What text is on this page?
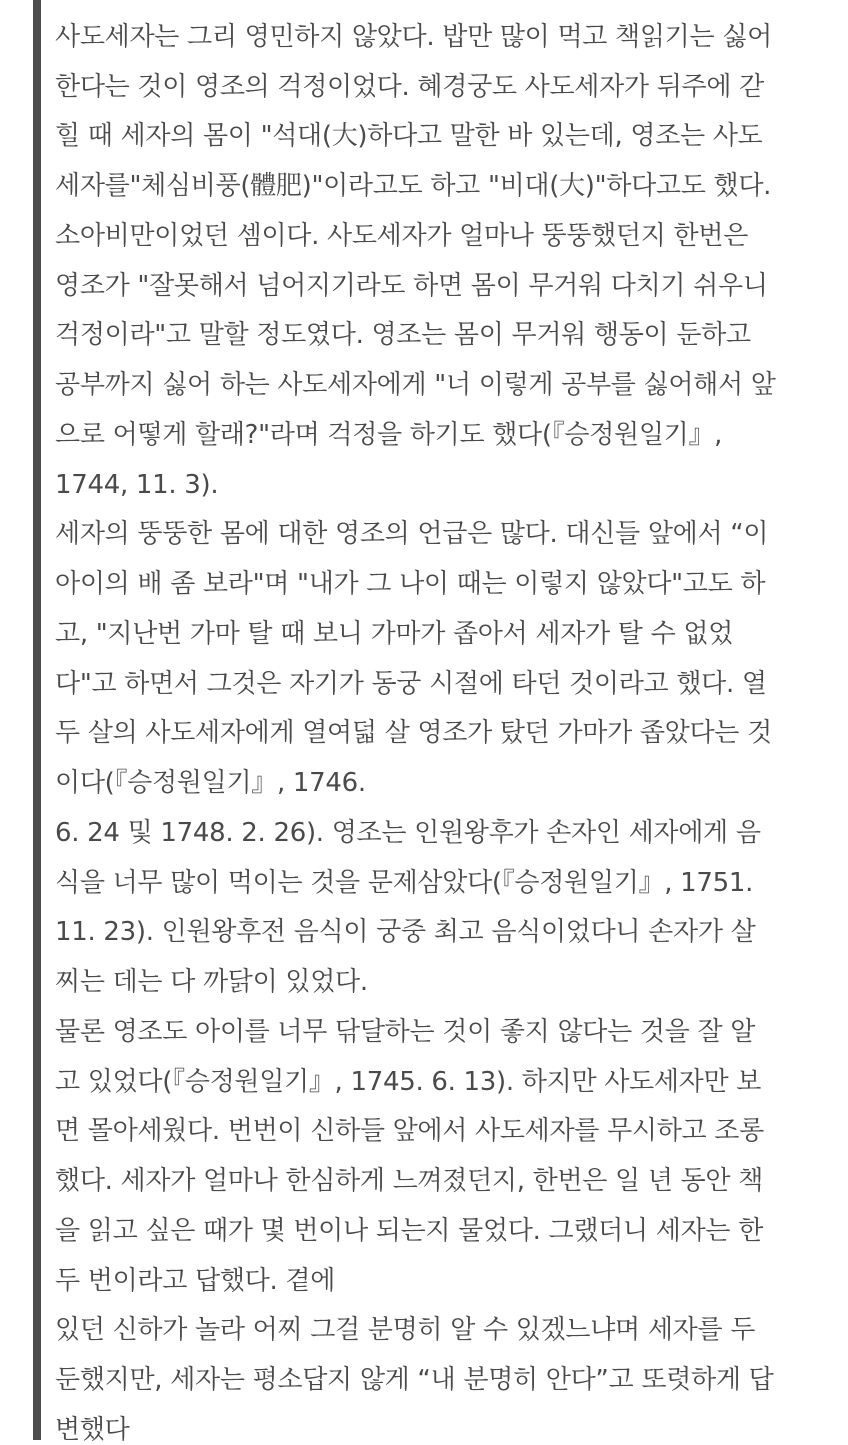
사도세자는 그리 영민하지 않았다. 밥만 많이 먹고 책읽기는 싫어
한다는 것이 영조의 걱정이었다. 혜경궁도 사도세자가 뒤주에 갇
힐 때 세자의 몸이 "석대(大)하다고 말한 바 있는데, 영조는 사도
세자를"체심비풍(體肥)"이라고도 하고 "비대(大)"하다고도 했다.
소아비만이었던 셈이다. 사도세자가 얼마나 뚱뚱했던지 한번은
영조가 "잘못해서 넘어지기라도 하면 몸이 무거워 다치기 쉬우니
걱정이라"고 말할 정도였다. 영조는 몸이 무거워 행동이 둔하고
공부까지 싫어 하는 사도세자에게 "너 이렇게 공부를 싫어해서 앞
으로 어떻게 할래?"라며 걱정을 하기도 했다(『승정원일기』,
1744, 11. 3).
세자의 뚱뚱한 몸에 대한 영조의 언급은 많다. 대신들 앞에서 “이
아이의 배 좀 보라"며 "내가 그 나이 때는 이렇지 않았다"고도 하
고, "지난번 가마 탈 때 보니 가마가 좁아서 세자가 탈 수 없었
다"고 하면서 그것은 자기가 동궁 시절에 타던 것이라고 했다. 열
두 살의 사도세자에게 열여덟 살 영조가 탔던 가마가 좁았다는 것
이다(『승정원일기』, 1746.
6. 24 및 1748. 2. 26). 영조는 인원왕후가 손자인 세자에게 음
식을 너무 많이 먹이는 것을 문제삼았다(『승정원일기』, 1751.
11. 23). 인원왕후전 음식이 궁중 최고 음식이었다니 손자가 살
찌는 데는 다 까닭이 있었다.
물론 영조도 아이를 너무 닦달하는 것이 좋지 않다는 것을 잘 알
고 있었다(『승정원일기』, 1745. 6. 13). 하지만 사도세자만 보
면 몰아세웠다. 번번이 신하들 앞에서 사도세자를 무시하고 조롱
했다. 세자가 얼마나 한심하게 느껴졌던지, 한번은 일 년 동안 책
을 읽고 싶은 때가 몇 번이나 되는지 물었다. 그랬더니 세자는 한
두 번이라고 답했다. 곁에
있던 신하가 놀라 어찌 그걸 분명히 알 수 있겠느냐며 세자를 두
둔했지만, 세자는 평소답지 않게 “내 분명히 안다”고 또렷하게 답
변했다
